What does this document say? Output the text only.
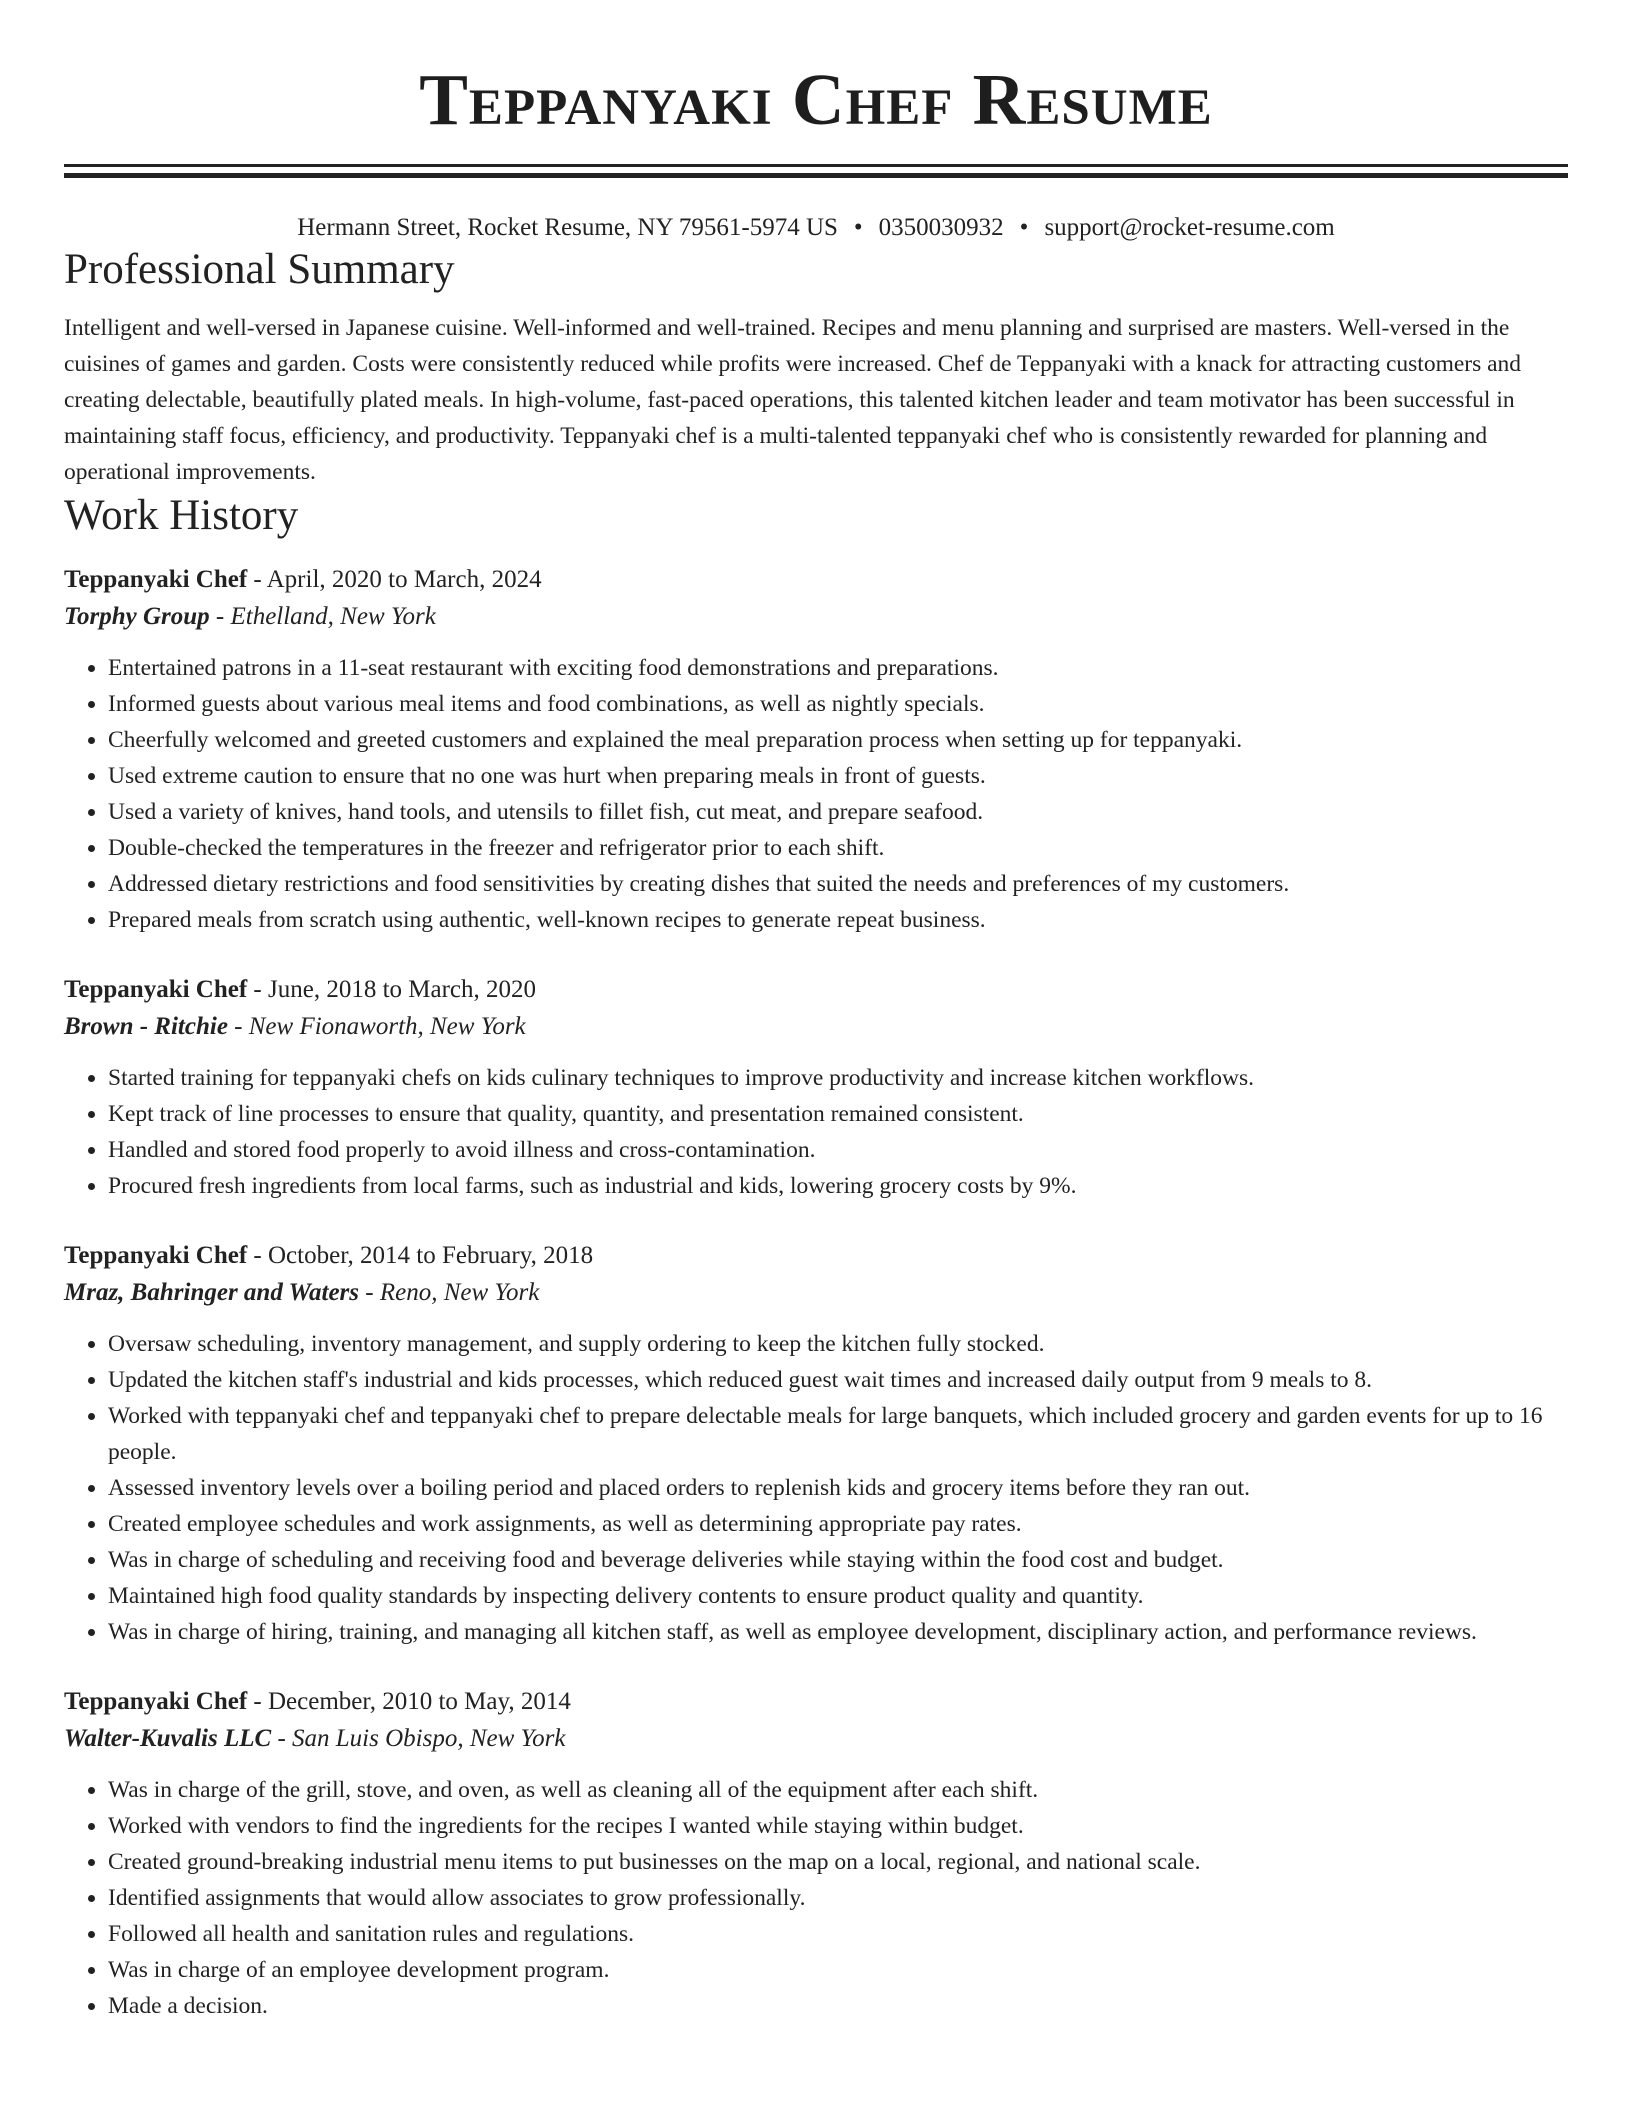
Teppanyaki Chef Resume
Hermann Street, Rocket Resume, NY 79561-5974 US • 0350030932 • support@rocket-resume.com
Professional Summary

Intelligent and well-versed in Japanese cuisine. Well-informed and well-trained. Recipes and menu planning and surprised are masters. Well-versed in the cuisines of games and garden. Costs were consistently reduced while profits were increased. Chef de Teppanyaki with a knack for attracting customers and creating delectable, beautifully plated meals. In high-volume, fast-paced operations, this talented kitchen leader and team motivator has been successful in maintaining staff focus, efficiency, and productivity. Teppanyaki chef is a multi-talented teppanyaki chef who is consistently rewarded for planning and operational improvements.

Work History
Teppanyaki Chef - April, 2020 to March, 2024
Torphy Group - Ethelland, New York
• Entertained patrons in a 11-seat restaurant with exciting food demonstrations and preparations.
• Informed guests about various meal items and food combinations, as well as nightly specials.
• Cheerfully welcomed and greeted customers and explained the meal preparation process when setting up for teppanyaki.
• Used extreme caution to ensure that no one was hurt when preparing meals in front of guests.
• Used a variety of knives, hand tools, and utensils to fillet fish, cut meat, and prepare seafood.
• Double-checked the temperatures in the freezer and refrigerator prior to each shift.
• Addressed dietary restrictions and food sensitivities by creating dishes that suited the needs and preferences of my customers.
• Prepared meals from scratch using authentic, well-known recipes to generate repeat business.
Teppanyaki Chef - June, 2018 to March, 2020
Brown - Ritchie - New Fionaworth, New York
• Started training for teppanyaki chefs on kids culinary techniques to improve productivity and increase kitchen workflows.
• Kept track of line processes to ensure that quality, quantity, and presentation remained consistent.
• Handled and stored food properly to avoid illness and cross-contamination.
• Procured fresh ingredients from local farms, such as industrial and kids, lowering grocery costs by 9%.
Teppanyaki Chef - October, 2014 to February, 2018
Mraz, Bahringer and Waters - Reno, New York
• Oversaw scheduling, inventory management, and supply ordering to keep the kitchen fully stocked.
• Updated the kitchen staff's industrial and kids processes, which reduced guest wait times and increased daily output from 9 meals to 8.
• Worked with teppanyaki chef and teppanyaki chef to prepare delectable meals for large banquets, which included grocery and garden events for up to 16 people.
• Assessed inventory levels over a boiling period and placed orders to replenish kids and grocery items before they ran out.
• Created employee schedules and work assignments, as well as determining appropriate pay rates.
• Was in charge of scheduling and receiving food and beverage deliveries while staying within the food cost and budget.
• Maintained high food quality standards by inspecting delivery contents to ensure product quality and quantity.
• Was in charge of hiring, training, and managing all kitchen staff, as well as employee development, disciplinary action, and performance reviews.
Teppanyaki Chef - December, 2010 to May, 2014
Walter-Kuvalis LLC - San Luis Obispo, New York
• Was in charge of the grill, stove, and oven, as well as cleaning all of the equipment after each shift.
• Worked with vendors to find the ingredients for the recipes I wanted while staying within budget.
• Created ground-breaking industrial menu items to put businesses on the map on a local, regional, and national scale.
• Identified assignments that would allow associates to grow professionally.
• Followed all health and sanitation rules and regulations.
• Was in charge of an employee development program.
• Made a decision.
